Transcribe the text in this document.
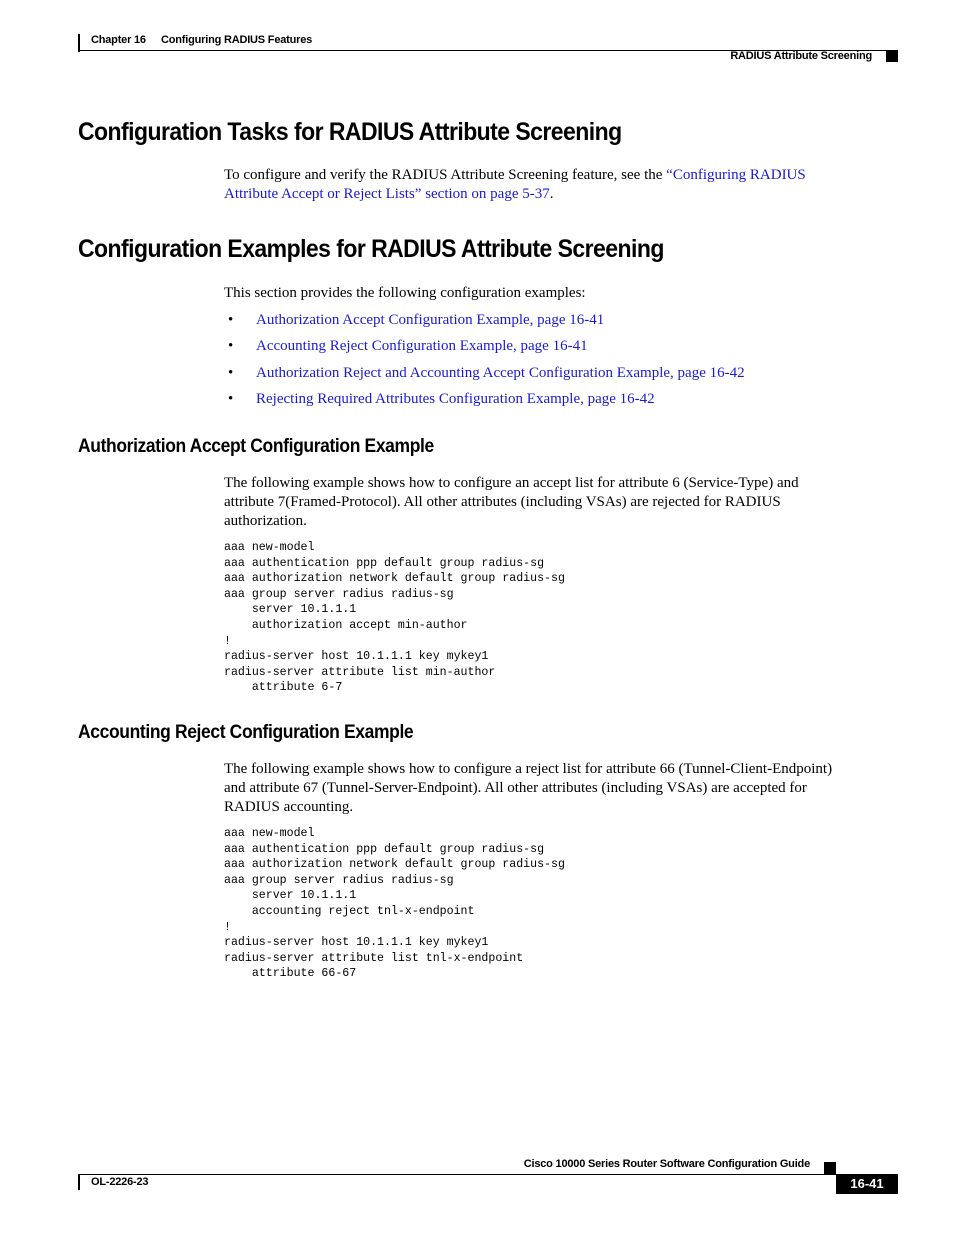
Chapter 16 Configuring RADIUS Features
RADIUS Attribute Screening
Configuration Tasks for RADIUS Attribute Screening
To configure and verify the RADIUS Attribute Screening feature, see the “Configuring RADIUS
Attribute Accept or Reject Lists” section on page 5-37.
Configuration Examples for RADIUS Attribute Screening
This section provides the following configuration examples:
• Authorization Accept Configuration Example, page 16-41
• Accounting Reject Configuration Example, page 16-41
• Authorization Reject and Accounting Accept Configuration Example, page 16-42
• Rejecting Required Attributes Configuration Example, page 16-42
Authorization Accept Configuration Example
The following example shows how to configure an accept list for attribute 6 (Service-Type) and
attribute 7(Framed-Protocol). All other attributes (including VSAs) are rejected for RADIUS
authorization.
aaa new-model
aaa authentication ppp default group radius-sg
aaa authorization network default group radius-sg
aaa group server radius radius-sg
server 10.1.1.1
authorization accept min-author
!
radius-server host 10.1.1.1 key mykey1
radius-server attribute list min-author
attribute 6-7
Accounting Reject Configuration Example
The following example shows how to configure a reject list for attribute 66 (Tunnel-Client-Endpoint)
and attribute 67 (Tunnel-Server-Endpoint). All other attributes (including VSAs) are accepted for
RADIUS accounting.
aaa new-model
aaa authentication ppp default group radius-sg
aaa authorization network default group radius-sg
aaa group server radius radius-sg
server 10.1.1.1
accounting reject tnl-x-endpoint
!
radius-server host 10.1.1.1 key mykey1
radius-server attribute list tnl-x-endpoint
attribute 66-67
Cisco 10000 Series Router Software Configuration Guide
OL-2226-23	16-41
